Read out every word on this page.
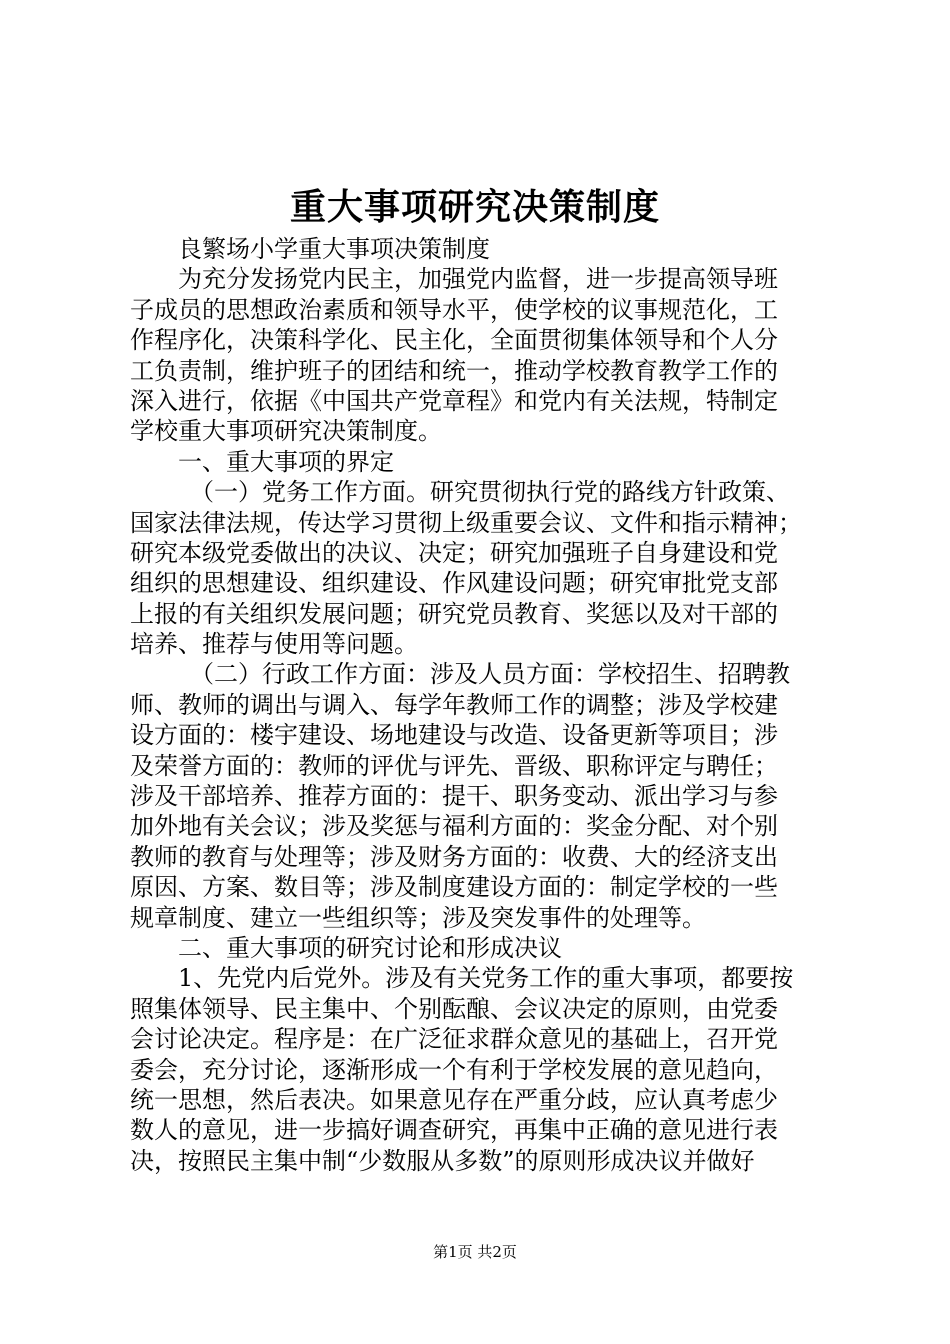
重大事项研究决策制度
良繁场小学重大事项决策制度
为充分发扬党内民主，加强党内监督，进一步提高领导班
子成员的思想政治素质和领导水平，使学校的议事规范化，工
作程序化，决策科学化、民主化，全面贯彻集体领导和个人分
工负责制，维护班子的团结和统一，推动学校教育教学工作的
深入进行，依据《中国共产党章程》和党内有关法规，特制定
学校重大事项研究决策制度。
一、重大事项的界定
（一）党务工作方面。研究贯彻执行党的路线方针政策、
国家法律法规，传达学习贯彻上级重要会议、文件和指示精神；
研究本级党委做出的决议、决定；研究加强班子自身建设和党
组织的思想建设、组织建设、作风建设问题；研究审批党支部
上报的有关组织发展问题；研究党员教育、奖惩以及对干部的
培养、推荐与使用等问题。
（二）行政工作方面：涉及人员方面：学校招生、招聘教
师、教师的调出与调入、每学年教师工作的调整；涉及学校建
设方面的：楼宇建设、场地建设与改造、设备更新等项目；涉
及荣誉方面的：教师的评优与评先、晋级、职称评定与聘任；
涉及干部培养、推荐方面的：提干、职务变动、派出学习与参
加外地有关会议；涉及奖惩与福利方面的：奖金分配、对个别
教师的教育与处理等；涉及财务方面的：收费、大的经济支出
原因、方案、数目等；涉及制度建设方面的：制定学校的一些
规章制度、建立一些组织等；涉及突发事件的处理等。
二、重大事项的研究讨论和形成决议
1、先党内后党外。涉及有关党务工作的重大事项，都要按
照集体领导、民主集中、个别酝酿、会议决定的原则，由党委
会讨论决定。程序是：在广泛征求群众意见的基础上，召开党
委会，充分讨论，逐渐形成一个有利于学校发展的意见趋向，
统一思想，然后表决。如果意见存在严重分歧，应认真考虑少
数人的意见，进一步搞好调查研究，再集中正确的意见进行表
决，按照民主集中制“少数服从多数”的原则形成决议并做好
第1页 共2页
